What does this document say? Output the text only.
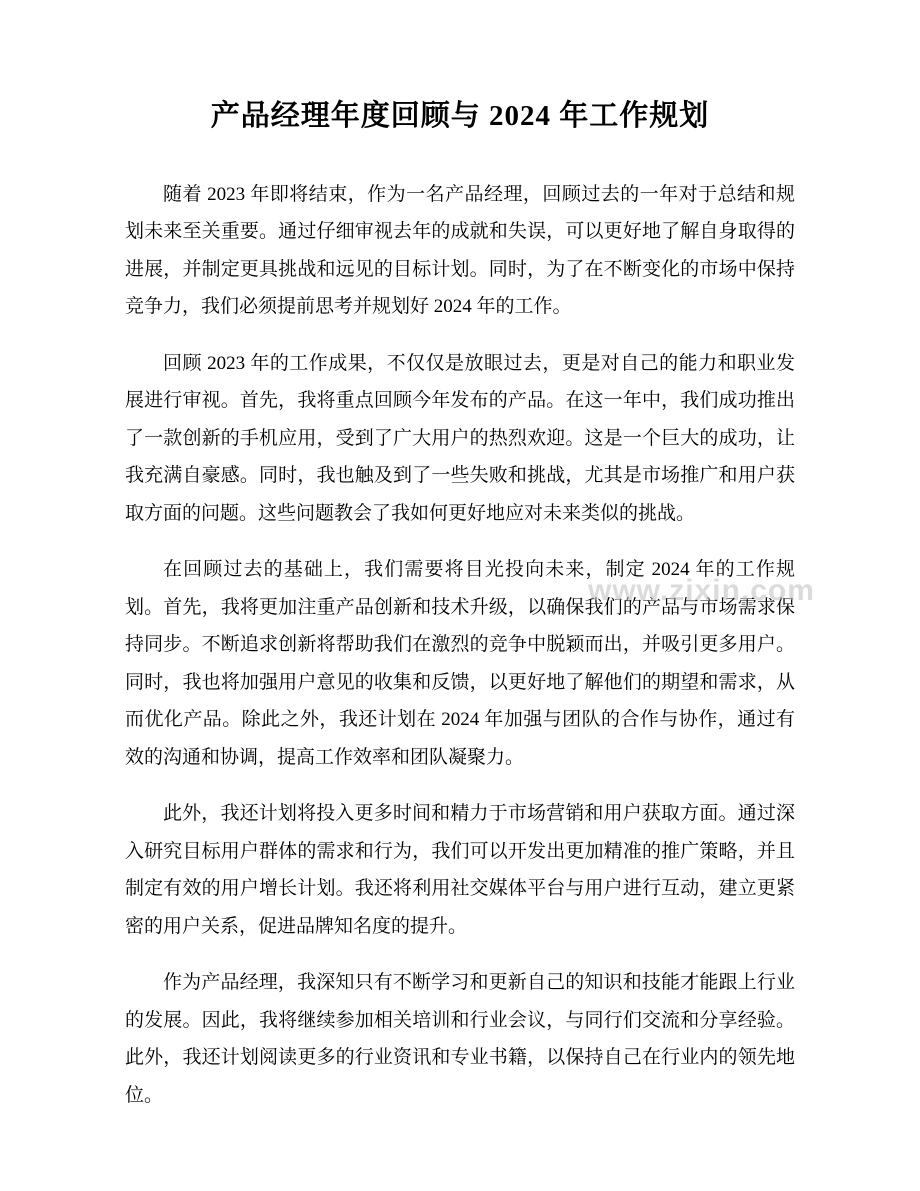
www.zixin.com
产品经理年度回顾与 2024 年工作规划

随着 2023 年即将结束，作为一名产品经理，回顾过去的一年对于总结和规划未来至关重要。通过仔细审视去年的成就和失误，可以更好地了解自身取得的进展，并制定更具挑战和远见的目标计划。同时，为了在不断变化的市场中保持竞争力，我们必须提前思考并规划好 2024 年的工作。

回顾 2023 年的工作成果，不仅仅是放眼过去，更是对自己的能力和职业发展进行审视。首先，我将重点回顾今年发布的产品。在这一年中，我们成功推出了一款创新的手机应用，受到了广大用户的热烈欢迎。这是一个巨大的成功，让我充满自豪感。同时，我也触及到了一些失败和挑战，尤其是市场推广和用户获取方面的问题。这些问题教会了我如何更好地应对未来类似的挑战。

在回顾过去的基础上，我们需要将目光投向未来，制定 2024 年的工作规划。首先，我将更加注重产品创新和技术升级，以确保我们的产品与市场需求保持同步。不断追求创新将帮助我们在激烈的竞争中脱颖而出，并吸引更多用户。同时，我也将加强用户意见的收集和反馈，以更好地了解他们的期望和需求，从而优化产品。除此之外，我还计划在 2024 年加强与团队的合作与协作，通过有效的沟通和协调，提高工作效率和团队凝聚力。

此外，我还计划将投入更多时间和精力于市场营销和用户获取方面。通过深入研究目标用户群体的需求和行为，我们可以开发出更加精准的推广策略，并且制定有效的用户增长计划。我还将利用社交媒体平台与用户进行互动，建立更紧密的用户关系，促进品牌知名度的提升。

作为产品经理，我深知只有不断学习和更新自己的知识和技能才能跟上行业的发展。因此，我将继续参加相关培训和行业会议，与同行们交流和分享经验。此外，我还计划阅读更多的行业资讯和专业书籍，以保持自己在行业内的领先地位。
